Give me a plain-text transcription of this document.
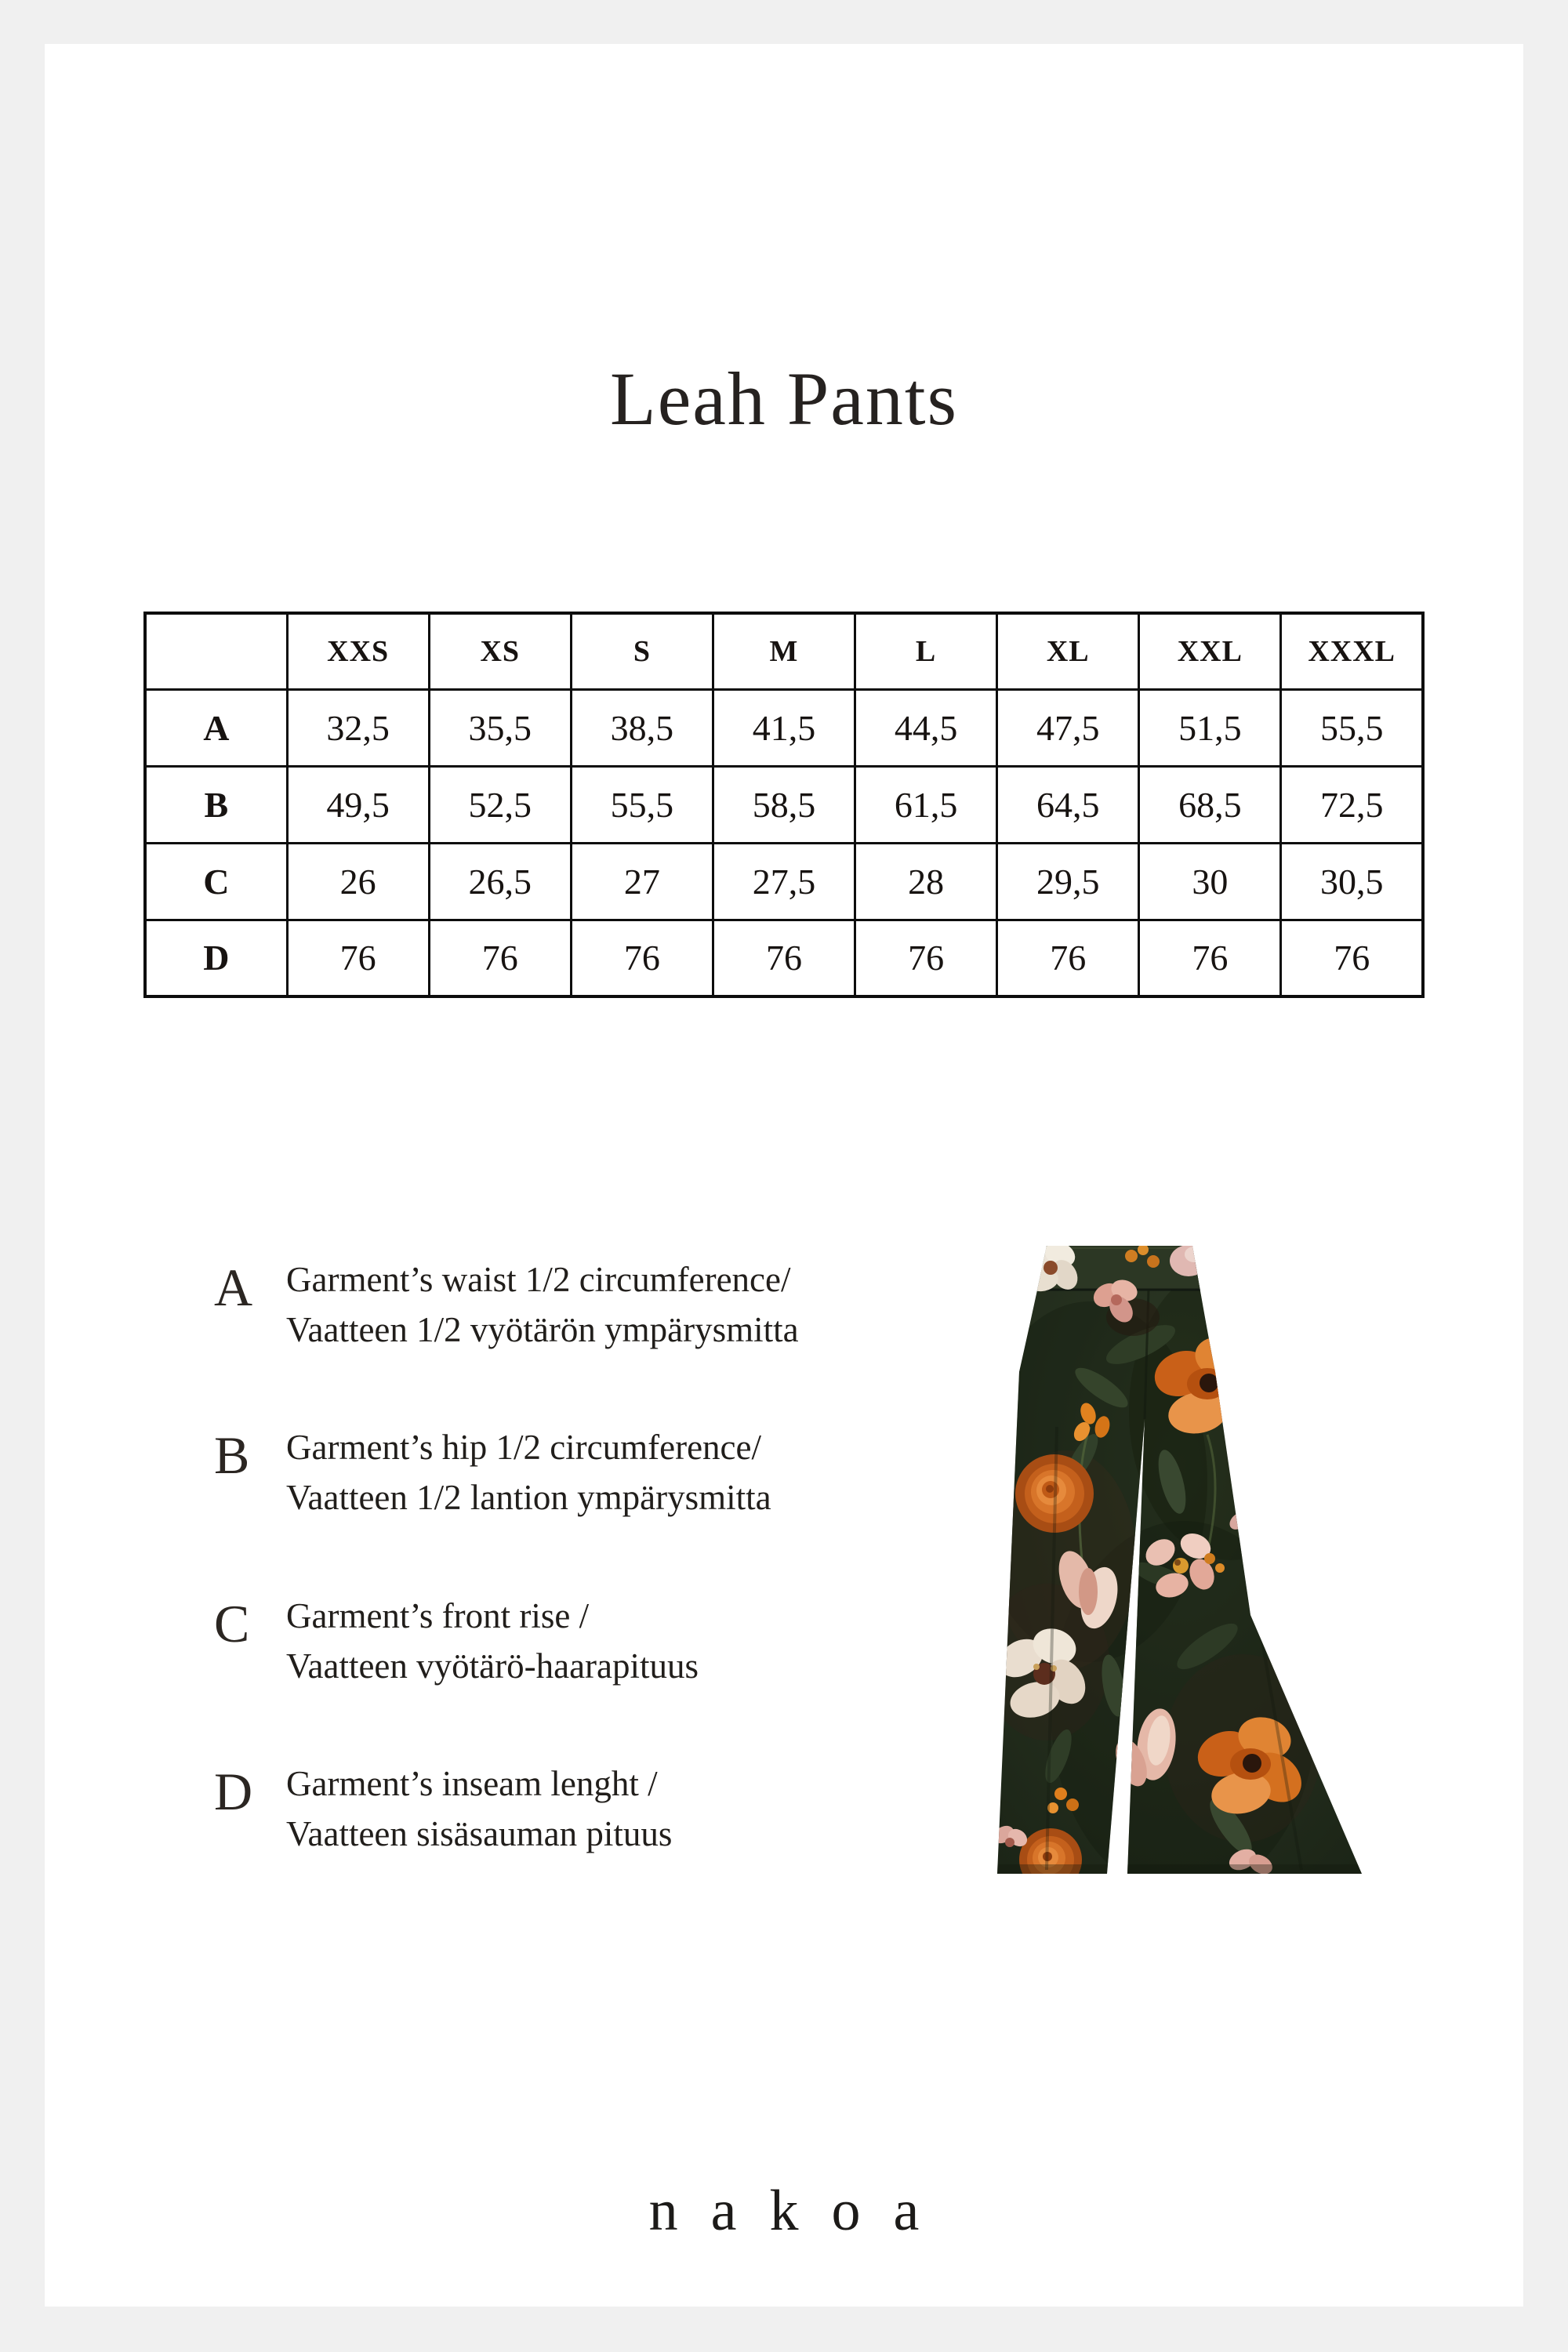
Leah Pants
	XXS	XS	S	M	L	XL	XXL	XXXL
A	32,5	35,5	38,5	41,5	44,5	47,5	51,5	55,5
B	49,5	52,5	55,5	58,5	61,5	64,5	68,5	72,5
C	26	26,5	27	27,5	28	29,5	30	30,5
D	76	76	76	76	76	76	76	76
A Garment’s waist 1/2 circumference/
Vaatteen 1/2 vyötärön ympärysmitta
B	Garment’s hip 1/2 circumference/
Vaatteen 1/2 lantion ympärysmitta
C	Garment’s front rise /
Vaatteen vyötärö-haarapituus
D Garment’s inseam lenght /
Vaatteen sisäsauman pituus
nakoa
